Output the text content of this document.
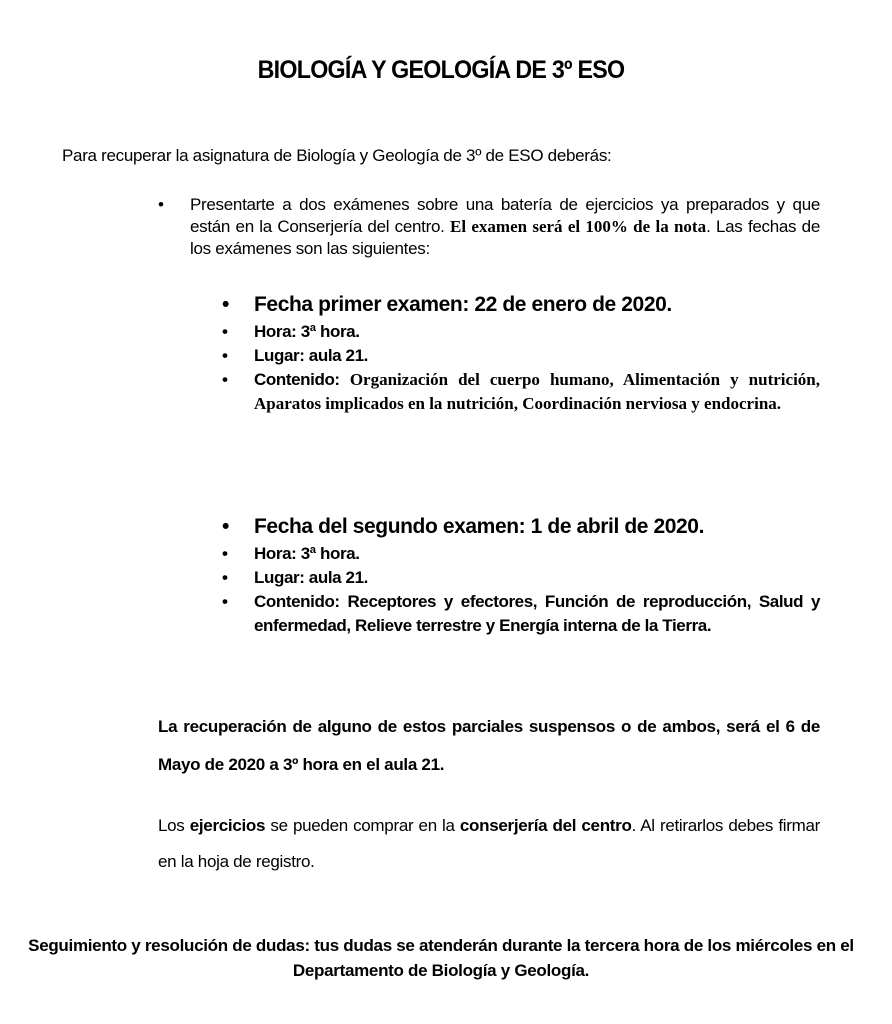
BIOLOGÍA Y GEOLOGÍA DE 3º ESO

Para recuperar la asignatura de Biología y Geología de 3º de ESO deberás:

• Presentarte a dos exámenes sobre una batería de ejercicios ya preparados y que están en la Conserjería del centro. El examen será el 100% de la nota. Las fechas de los exámenes son las siguientes:
• Fecha primer examen: 22 de enero de 2020.
• Hora: 3ª hora.
• Lugar: aula 21.
• Contenido: Organización del cuerpo humano, Alimentación y nutrición, Aparatos implicados en la nutrición, Coordinación nerviosa y endocrina.
• Fecha del segundo examen: 1 de abril de 2020.
• Hora: 3ª hora.
• Lugar: aula 21.
• Contenido: Receptores y efectores, Función de reproducción, Salud y enfermedad, Relieve terrestre y Energía interna de la Tierra.

La recuperación de alguno de estos parciales suspensos o de ambos, será el 6 de Mayo de 2020 a 3º hora en el aula 21.

Los ejercicios se pueden comprar en la conserjería del centro. Al retirarlos debes firmar en la hoja de registro.

Seguimiento y resolución de dudas: tus dudas se atenderán durante la tercera hora de los miércoles en el Departamento de Biología y Geología.
